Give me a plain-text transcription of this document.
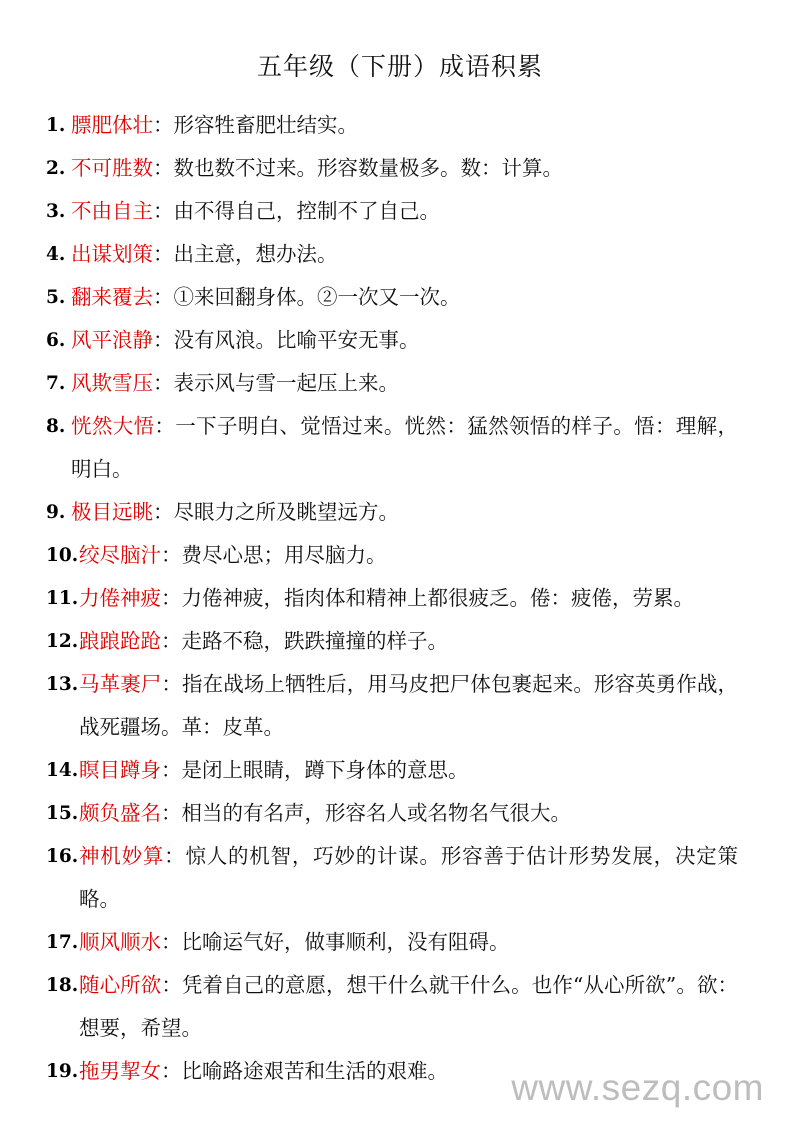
五年级（下册）成语积累
1. 膘肥体壮：形容牲畜肥壮结实。
2. 不可胜数：数也数不过来。形容数量极多。数：计算。
3. 不由自主：由不得自己，控制不了自己。
4. 出谋划策：出主意，想办法。
5. 翻来覆去：①来回翻身体。②一次又一次。
6. 风平浪静：没有风浪。比喻平安无事。
7. 风欺雪压：表示风与雪一起压上来。
8. 恍然大悟：一下子明白、觉悟过来。恍然：猛然领悟的样子。悟：理解，明白。
9. 极目远眺：尽眼力之所及眺望远方。
10. 绞尽脑汁：费尽心思；用尽脑力。
11. 力倦神疲：力倦神疲，指肉体和精神上都很疲乏。倦：疲倦，劳累。
12. 踉踉跄跄：走路不稳，跌跌撞撞的样子。
13. 马革裹尸：指在战场上牺牲后，用马皮把尸体包裹起来。形容英勇作战，战死疆场。革：皮革。
14. 瞑目蹲身：是闭上眼睛，蹲下身体的意思。
15. 颇负盛名：相当的有名声，形容名人或名物名气很大。
16. 神机妙算：惊人的机智，巧妙的计谋。形容善于估计形势发展，决定策略。
17. 顺风顺水：比喻运气好，做事顺利，没有阻碍。
18. 随心所欲：凭着自己的意愿，想干什么就干什么。也作“从心所欲”。欲：想要，希望。
19. 拖男挈女：比喻路途艰苦和生活的艰难。	www.sezq.com
